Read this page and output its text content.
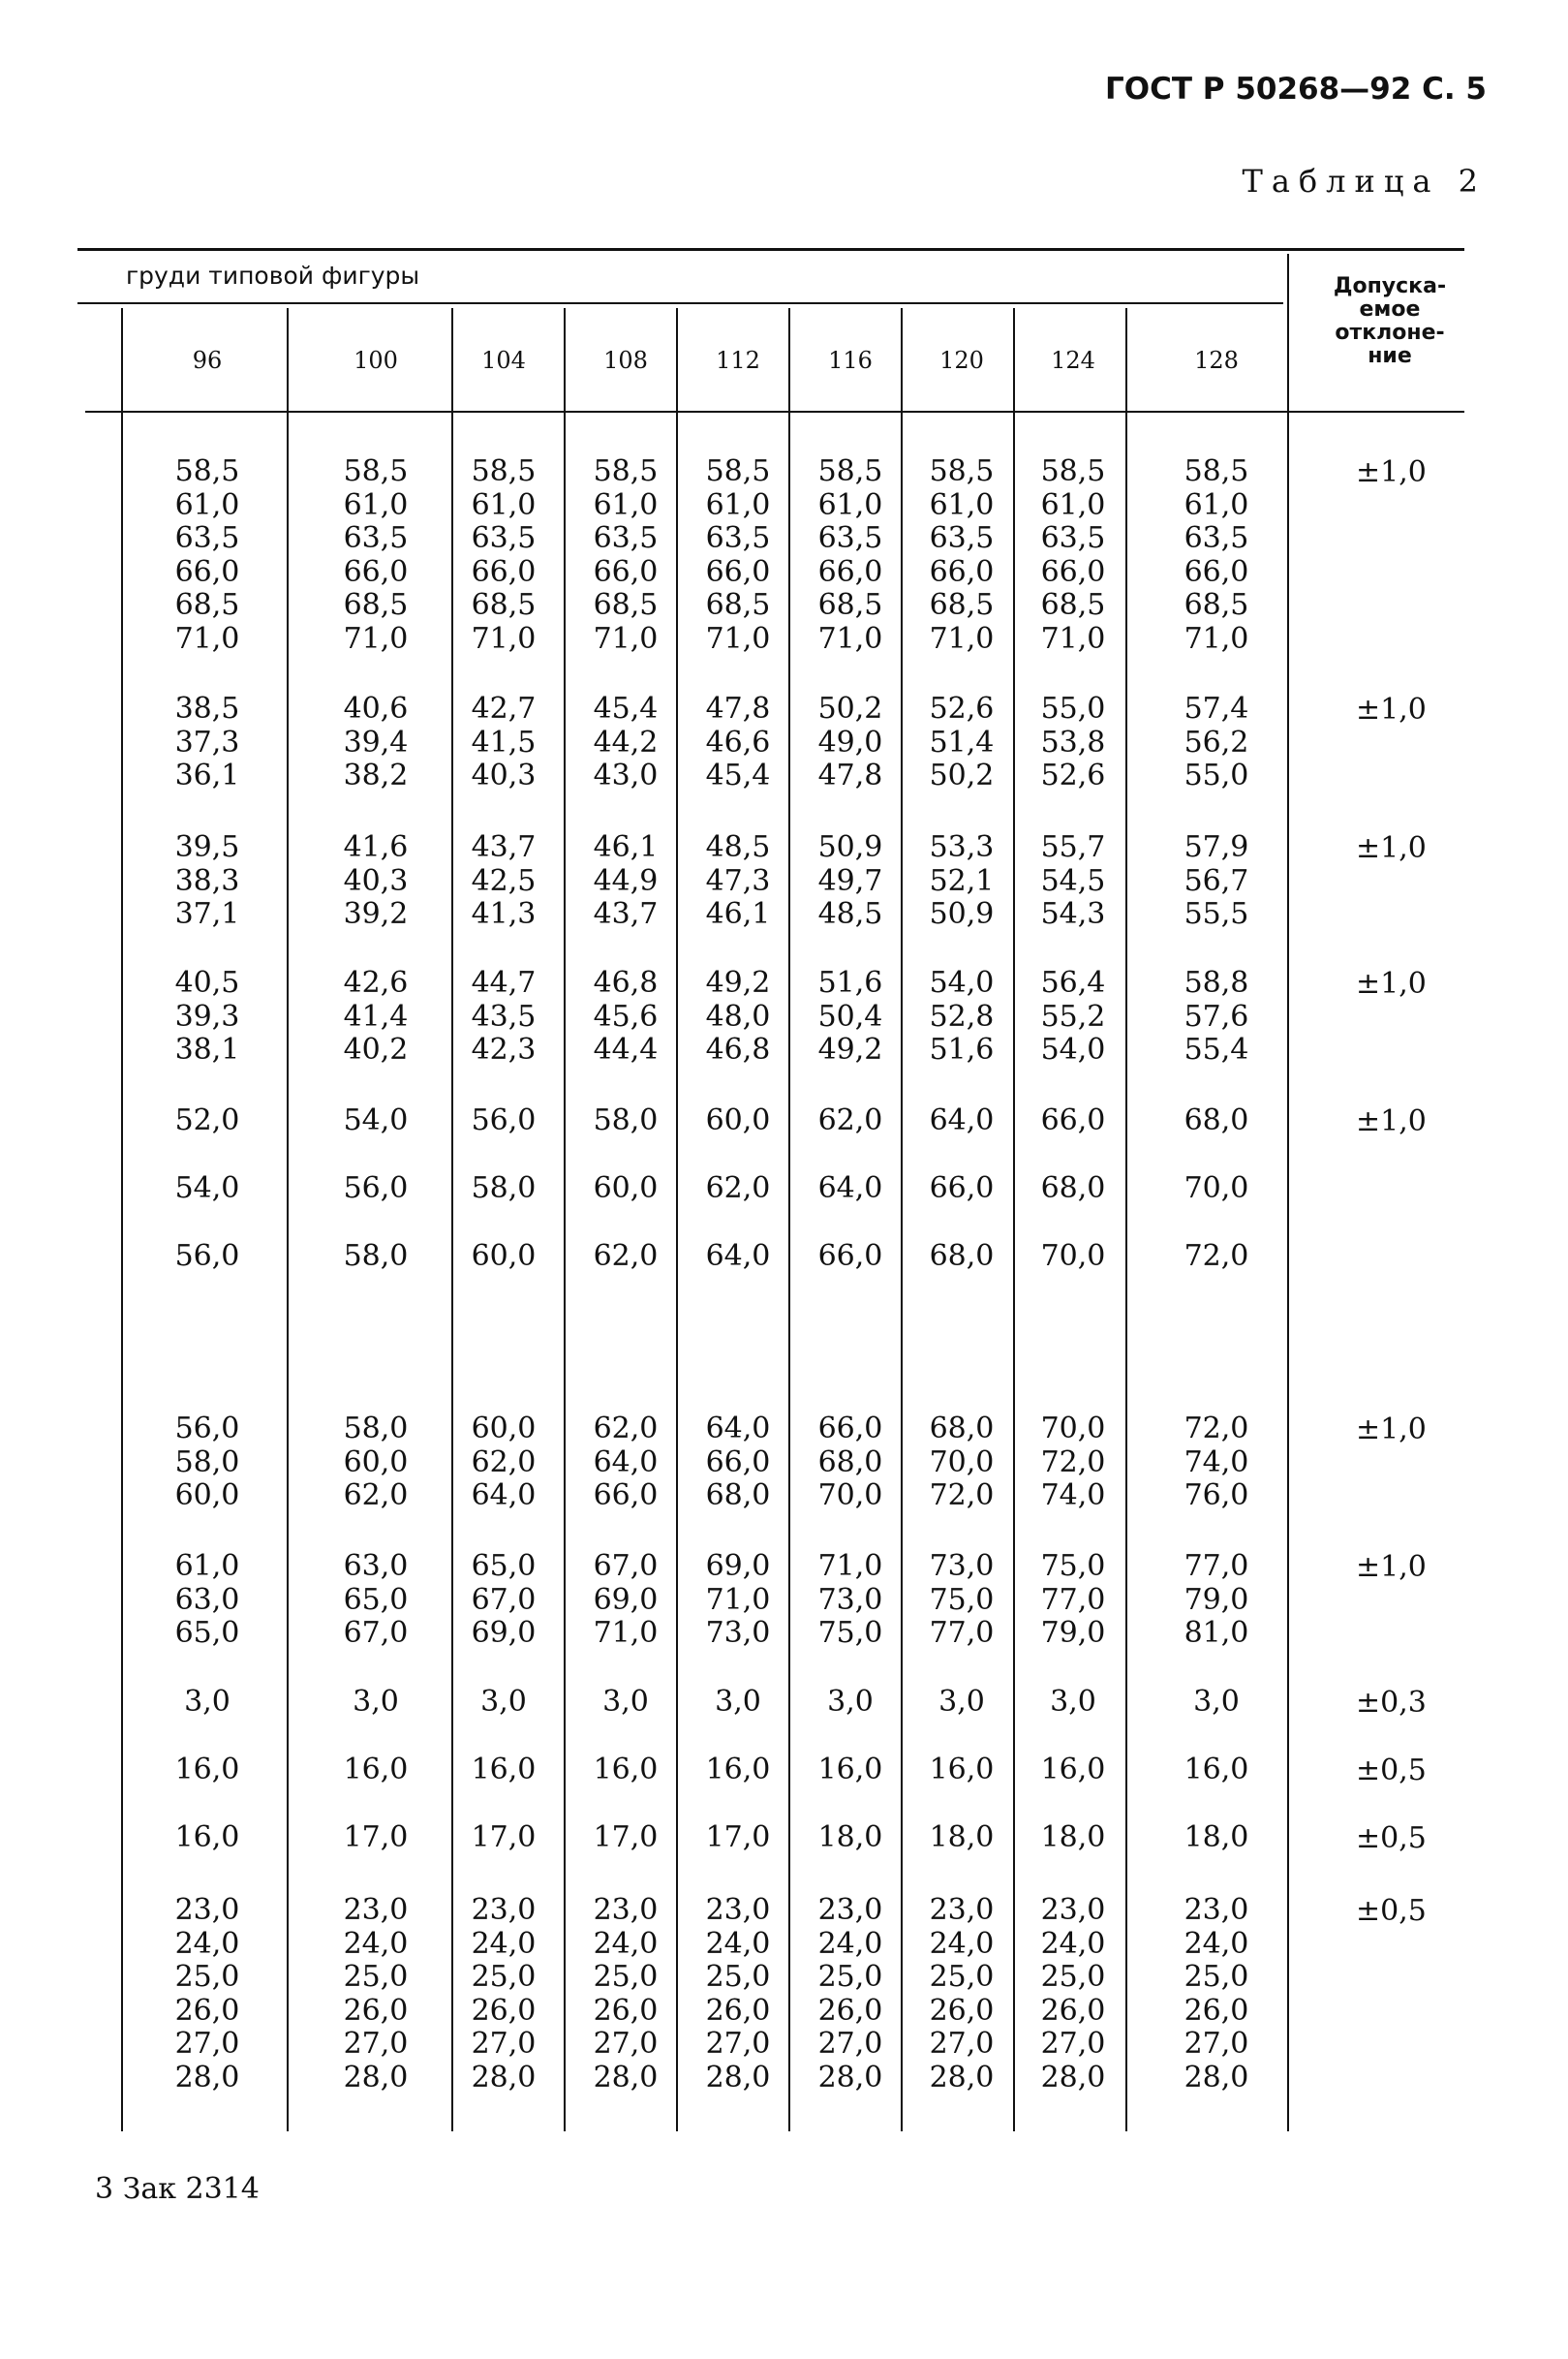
ГОСТ Р 50268—92 С. 5
Таблица 2
груди типовой фигуры	Допуска-
емое
отклоне-
ние
96	100	104	108	112	116	120	124	128
58,5	58,5	58,5	58,5	58,5	58,5	58,5	58,5	58,5
61,0	61,0	61,0	61,0	61,0	61,0	61,0	61,0	61,0
63,5	63,5	63,5	63,5	63,5	63,5	63,5	63,5	63,5
66,0	66,0	66,0	66,0	66,0	66,0	66,0	66,0	66,0
68,5	68,5	68,5	68,5	68,5	68,5	68,5	68,5	68,5
71,0	71,0	71,0	71,0	71,0	71,0	71,0	71,0	71,0
±1,0
38,5	40,6	42,7	45,4	47,8	50,2	52,6	55,0	57,4
37,3	39,4	41,5	44,2	46,6	49,0	51,4	53,8	56,2
36,1	38,2	40,3	43,0	45,4	47,8	50,2	52,6	55,0
±1,0
39,5	41,6	43,7	46,1	48,5	50,9	53,3	55,7	57,9
38,3	40,3	42,5	44,9	47,3	49,7	52,1	54,5	56,7
37,1	39,2	41,3	43,7	46,1	48,5	50,9	54,3	55,5
±1,0
40,5	42,6	44,7	46,8	49,2	51,6	54,0	56,4	58,8
39,3	41,4	43,5	45,6	48,0	50,4	52,8	55,2	57,6
38,1	40,2	42,3	44,4	46,8	49,2	51,6	54,0	55,4
±1,0
52,0	54,0	56,0	58,0	60,0	62,0	64,0	66,0	68,0	±1,0
54,0	56,0	58,0	60,0	62,0	64,0	66,0	68,0	70,0
56,0	58,0	60,0	62,0	64,0	66,0	68,0	70,0	72,0
56,0	58,0	60,0	62,0	64,0	66,0	68,0	70,0	72,0
58,0	60,0	62,0	64,0	66,0	68,0	70,0	72,0	74,0
60,0	62,0	64,0	66,0	68,0	70,0	72,0	74,0	76,0
±1,0
61,0	63,0	65,0	67,0	69,0	71,0	73,0	75,0	77,0
63,0	65,0	67,0	69,0	71,0	73,0	75,0	77,0	79,0
65,0	67,0	69,0	71,0	73,0	75,0	77,0	79,0	81,0
±1,0
3,0	3,0	3,0	3,0	3,0	3,0	3,0	3,0	3,0	±0,3
16,0	16,0	16,0	16,0	16,0	16,0	16,0	16,0	16,0	±0,5
16,0	17,0	17,0	17,0	17,0	18,0	18,0	18,0	18,0	±0,5
23,0	23,0	23,0	23,0	23,0	23,0	23,0	23,0	23,0
24,0	24,0	24,0	24,0	24,0	24,0	24,0	24,0	24,0
25,0	25,0	25,0	25,0	25,0	25,0	25,0	25,0	25,0
26,0	26,0	26,0	26,0	26,0	26,0	26,0	26,0	26,0
27,0	27,0	27,0	27,0	27,0	27,0	27,0	27,0	27,0
28,0	28,0	28,0	28,0	28,0	28,0	28,0	28,0	28,0
±0,5
3 Зак 2314
